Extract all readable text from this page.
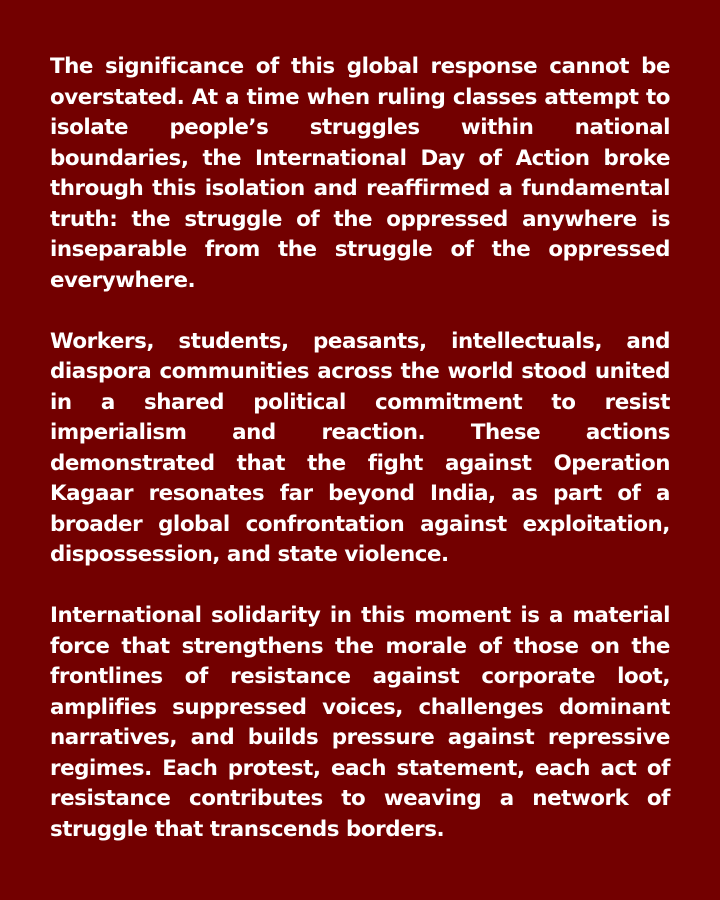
The significance of this global response cannot be overstated. At a time when ruling classes attempt to isolate people’s struggles within national boundaries, the International Day of Action broke through this isolation and reaffirmed a fundamental truth: the struggle of the oppressed anywhere is inseparable from the struggle of the oppressed everywhere.

Workers, students, peasants, intellectuals, and diaspora communities across the world stood united in a shared political commitment to resist imperialism and reaction. These actions demonstrated that the fight against Operation Kagaar resonates far beyond India, as part of a broader global confrontation against exploitation, dispossession, and state violence.

International solidarity in this moment is a material force that strengthens the morale of those on the frontlines of resistance against corporate loot, amplifies suppressed voices, challenges dominant narratives, and builds pressure against repressive regimes. Each protest, each statement, each act of resistance contributes to weaving a network of struggle that transcends borders.
